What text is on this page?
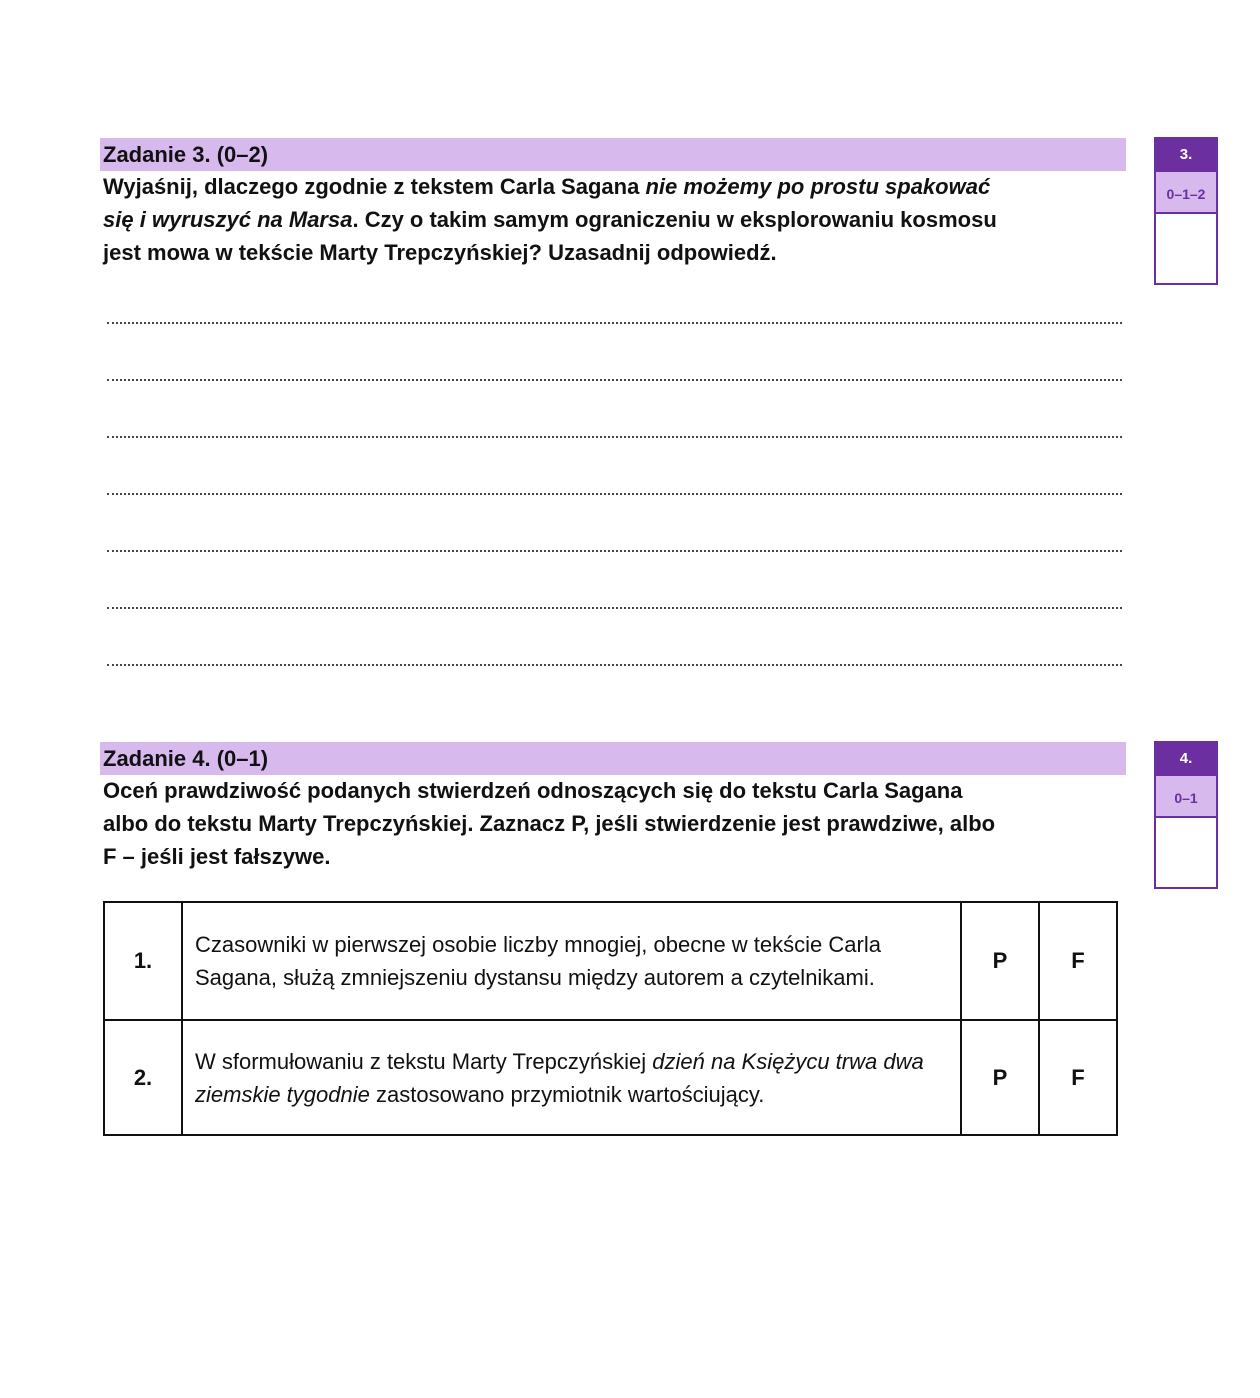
Zadanie 3. (0–2)	3.
0–1–2
Wyjaśnij, dlaczego zgodnie z tekstem Carla Sagana nie możemy po prostu spakować
się i wyruszyć na Marsa. Czy o takim samym ograniczeniu w eksplorowaniu kosmosu
jest mowa w tekście Marty Trepczyńskiej? Uzasadnij odpowiedź.
Zadanie 4. (0–1)	4.
0–1
Oceń prawdziwość podanych stwierdzeń odnoszących się do tekstu Carla Sagana
albo do tekstu Marty Trepczyńskiej. Zaznacz P, jeśli stwierdzenie jest prawdziwe, albo
F – jeśli jest fałszywe.
1.	Czasowniki w pierwszej osobie liczby mnogiej, obecne w tekście Carla Sagana, służą zmniejszeniu dystansu między autorem a czytelnikami.	P	F
2.	W sformułowaniu z tekstu Marty Trepczyńskiej dzień na Księżycu trwa dwa ziemskie tygodnie zastosowano przymiotnik wartościujący.	P	F
